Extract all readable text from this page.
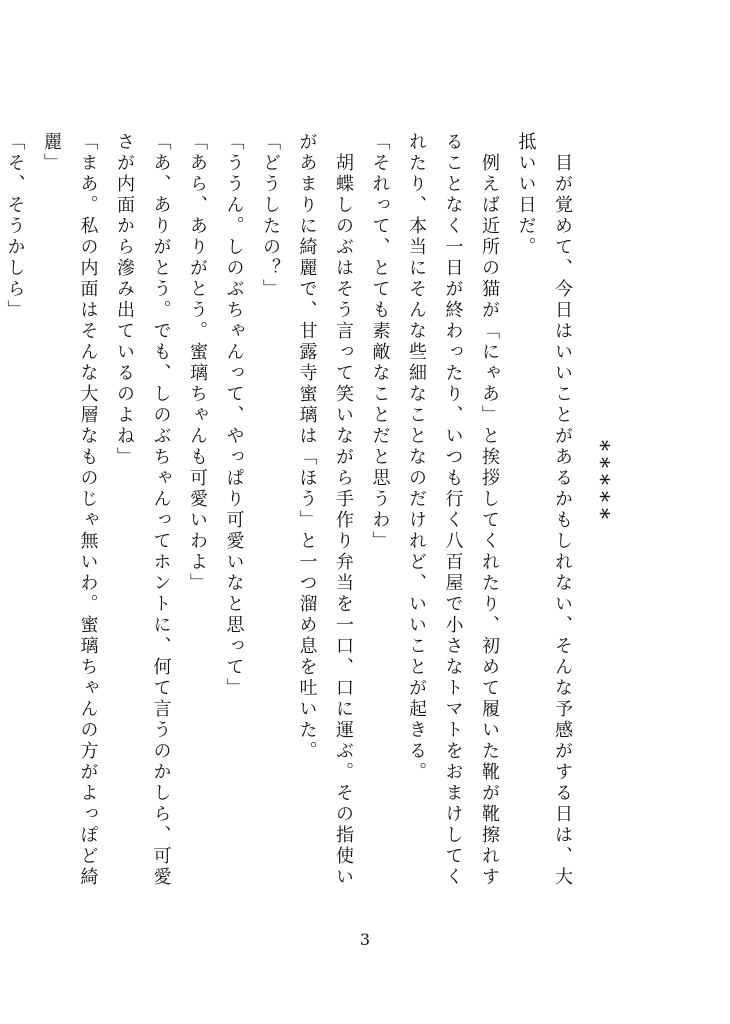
*****

　目が覚めて、今日はいいことがあるかもしれない、そんな予感がする日は、大抵いい日だ。

　例えば近所の猫が「にゃあ」と挨拶してくれたり、初めて履いた靴が靴擦れすることなく一日が終わったり、いつも行く八百屋で小さなトマトをおまけしてくれたり、本当にそんな些細なことなのだけれど、いいことが起きる。

「それって、とても素敵なことだと思うわ」

　胡蝶しのぶはそう言って笑いながら手作り弁当を一口、口に運ぶ。その指使いがあまりに綺麗で、甘露寺蜜璃は「ほう」と一つ溜め息を吐いた。

「どうしたの？」

「ううん。しのぶちゃんって、やっぱり可愛いなと思って」

「あら、ありがとう。蜜璃ちゃんも可愛いわよ」

「あ、ありがとう。でも、しのぶちゃんってホントに、何て言うのかしら、可愛さが内面から滲み出ているのよね」

「まあ。私の内面はそんな大層なものじゃ無いわ。蜜璃ちゃんの方がよっぽど綺麗」

「そ、そうかしら」

3
